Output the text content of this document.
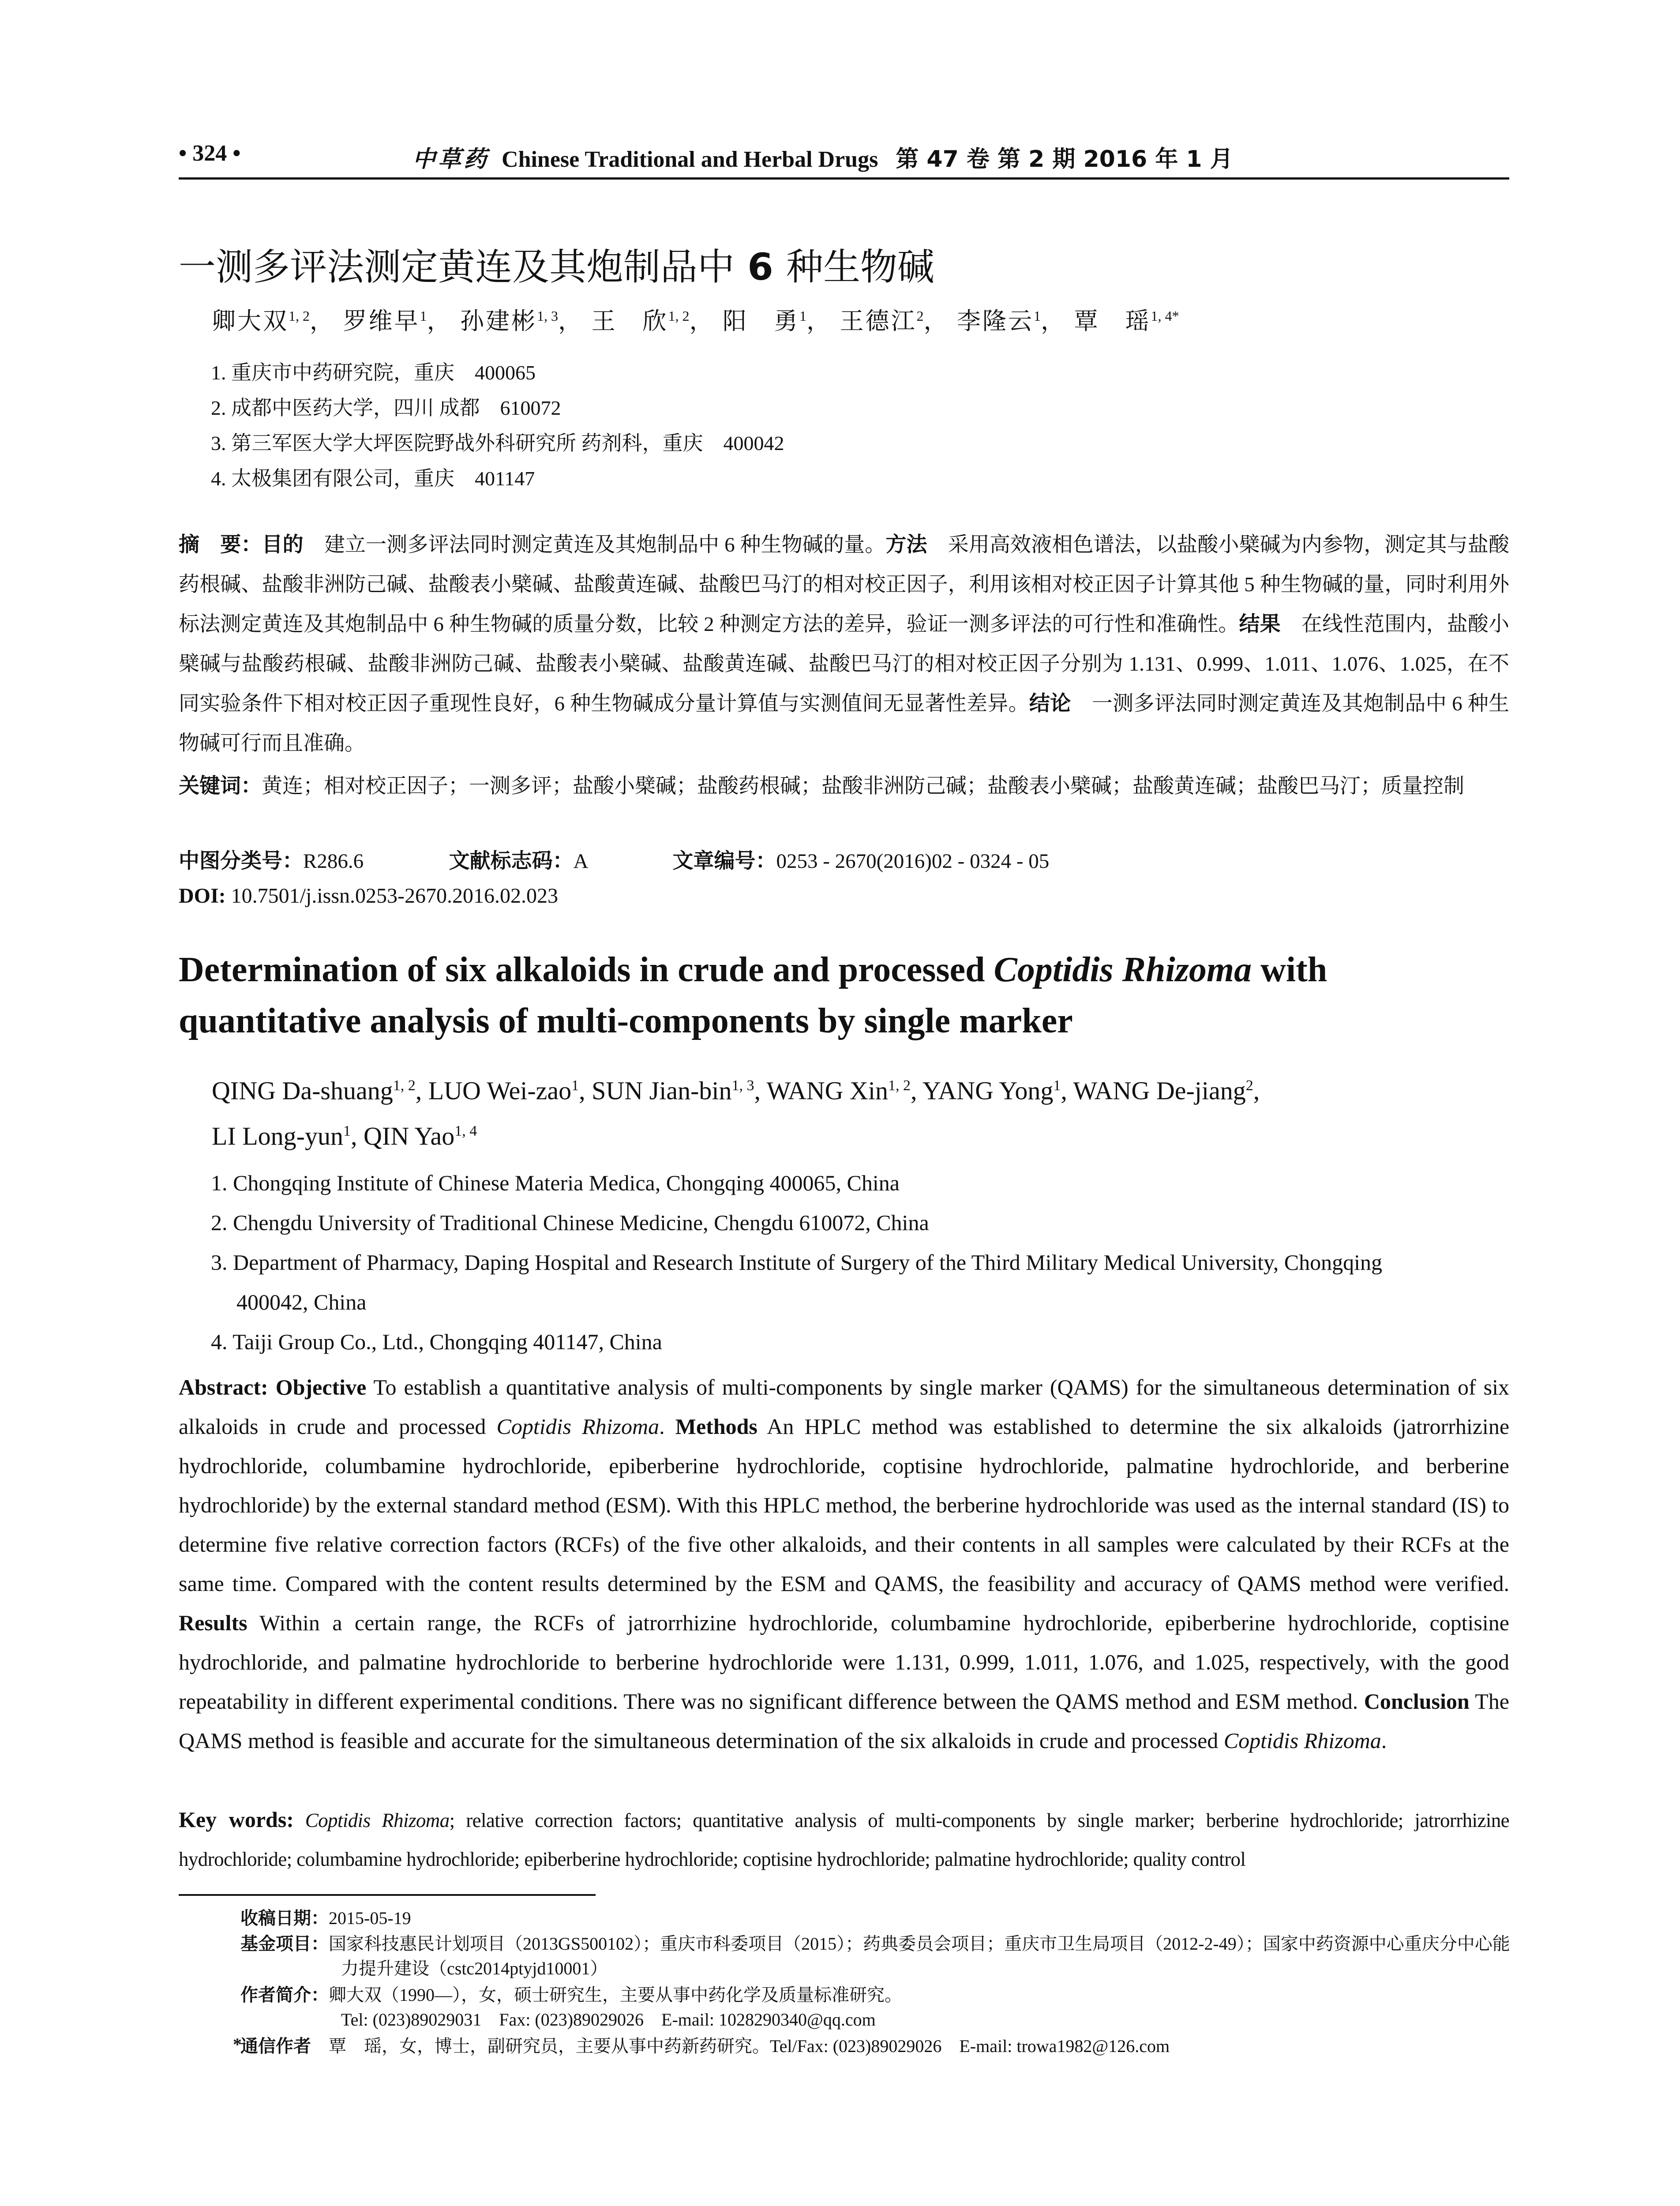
• 324 •	中草药 Chinese Traditional and Herbal Drugs 第 47 卷 第 2 期 2016 年 1 月
一测多评法测定黄连及其炮制品中 6 种生物碱
卿大双$^{1, 2}$， 罗维早$^1$， 孙建彬$^{1, 3}$， 王　欣$^{1, 2}$， 阳　勇$^1$， 王德江$^2$， 李隆云$^1$， 覃　瑶$^{1, 4*}$
1. 重庆市中药研究院，重庆　400065
2. 成都中医药大学，四川 成都　610072
3. 第三军医大学大坪医院野战外科研究所 药剂科，重庆　400042
4. 太极集团有限公司，重庆　401147
摘　要：目的　建立一测多评法同时测定黄连及其炮制品中 6 种生物碱的量。方法　采用高效液相色谱法，以盐酸小檗碱为内参物，测定其与盐酸药根碱、盐酸非洲防己碱、盐酸表小檗碱、盐酸黄连碱、盐酸巴马汀的相对校正因子，利用该相对校正因子计算其他 5 种生物碱的量，同时利用外标法测定黄连及其炮制品中 6 种生物碱的质量分数，比较 2 种测定方法的差异，验证一测多评法的可行性和准确性。结果　在线性范围内，盐酸小檗碱与盐酸药根碱、盐酸非洲防己碱、盐酸表小檗碱、盐酸黄连碱、盐酸巴马汀的相对校正因子分别为 1.131、0.999、1.011、1.076、1.025，在不同实验条件下相对校正因子重现性良好，6 种生物碱成分量计算值与实测值间无显著性差异。结论　一测多评法同时测定黄连及其炮制品中 6 种生物碱可行而且准确。
关键词：黄连；相对校正因子；一测多评；盐酸小檗碱；盐酸药根碱；盐酸非洲防己碱；盐酸表小檗碱；盐酸黄连碱；盐酸巴马汀；质量控制
中图分类号：R286.6	文献标志码：A	文章编号：0253 - 2670(2016)02 - 0324 - 05
DOI: 10.7501/j.issn.0253-2670.2016.02.023
Determination of six alkaloids in crude and processed Coptidis Rhizoma with quantitative analysis of multi-components by single marker
QING Da-shuang$^{1, 2}$, LUO Wei-zao$^1$, SUN Jian-bin$^{1, 3}$, WANG Xin$^{1, 2}$, YANG Yong$^1$, WANG De-jiang$^2$,
LI Long-yun$^1$, QIN Yao$^{1, 4}$
1. Chongqing Institute of Chinese Materia Medica, Chongqing 400065, China
2. Chengdu University of Traditional Chinese Medicine, Chengdu 610072, China
3. Department of Pharmacy, Daping Hospital and Research Institute of Surgery of the Third Military Medical University, Chongqing
400042, China
4. Taiji Group Co., Ltd., Chongqing 401147, China
Abstract: Objective To establish a quantitative analysis of multi-components by single marker (QAMS) for the simultaneous determination of six alkaloids in crude and processed Coptidis Rhizoma. Methods An HPLC method was established to determine the six alkaloids (jatrorrhizine hydrochloride, columbamine hydrochloride, epiberberine hydrochloride, coptisine hydrochloride, palmatine hydrochloride, and berberine hydrochloride) by the external standard method (ESM). With this HPLC method, the berberine hydrochloride was used as the internal standard (IS) to determine five relative correction factors (RCFs) of the five other alkaloids, and their contents in all samples were calculated by their RCFs at the same time. Compared with the content results determined by the ESM and QAMS, the feasibility and accuracy of QAMS method were verified. Results Within a certain range, the RCFs of jatrorrhizine hydrochloride, columbamine hydrochloride, epiberberine hydrochloride, coptisine hydrochloride, and palmatine hydrochloride to berberine hydrochloride were 1.131, 0.999, 1.011, 1.076, and 1.025, respectively, with the good repeatability in different experimental conditions. There was no significant difference between the QAMS method and ESM method. Conclusion The QAMS method is feasible and accurate for the simultaneous determination of the six alkaloids in crude and processed Coptidis Rhizoma.
Key words: Coptidis Rhizoma; relative correction factors; quantitative analysis of multi-components by single marker; berberine hydrochloride; jatrorrhizine hydrochloride; columbamine hydrochloride; epiberberine hydrochloride; coptisine hydrochloride; palmatine hydrochloride; quality control
收稿日期：2015-05-19
基金项目：国家科技惠民计划项目（2013GS500102）；重庆市科委项目（2015）；药典委员会项目；重庆市卫生局项目（2012-2-49）；国家中药资源中心重庆分中心能力提升建设（cstc2014ptyjd10001）
作者简介：卿大双（1990—），女，硕士研究生，主要从事中药化学及质量标准研究。
Tel: (023)89029031　Fax: (023)89029026　E-mail: 1028290340@qq.com
*
通信作者　覃　瑶，女，博士，副研究员，主要从事中药新药研究。Tel/Fax: (023)89029026　E-mail: trowa1982@126.com
